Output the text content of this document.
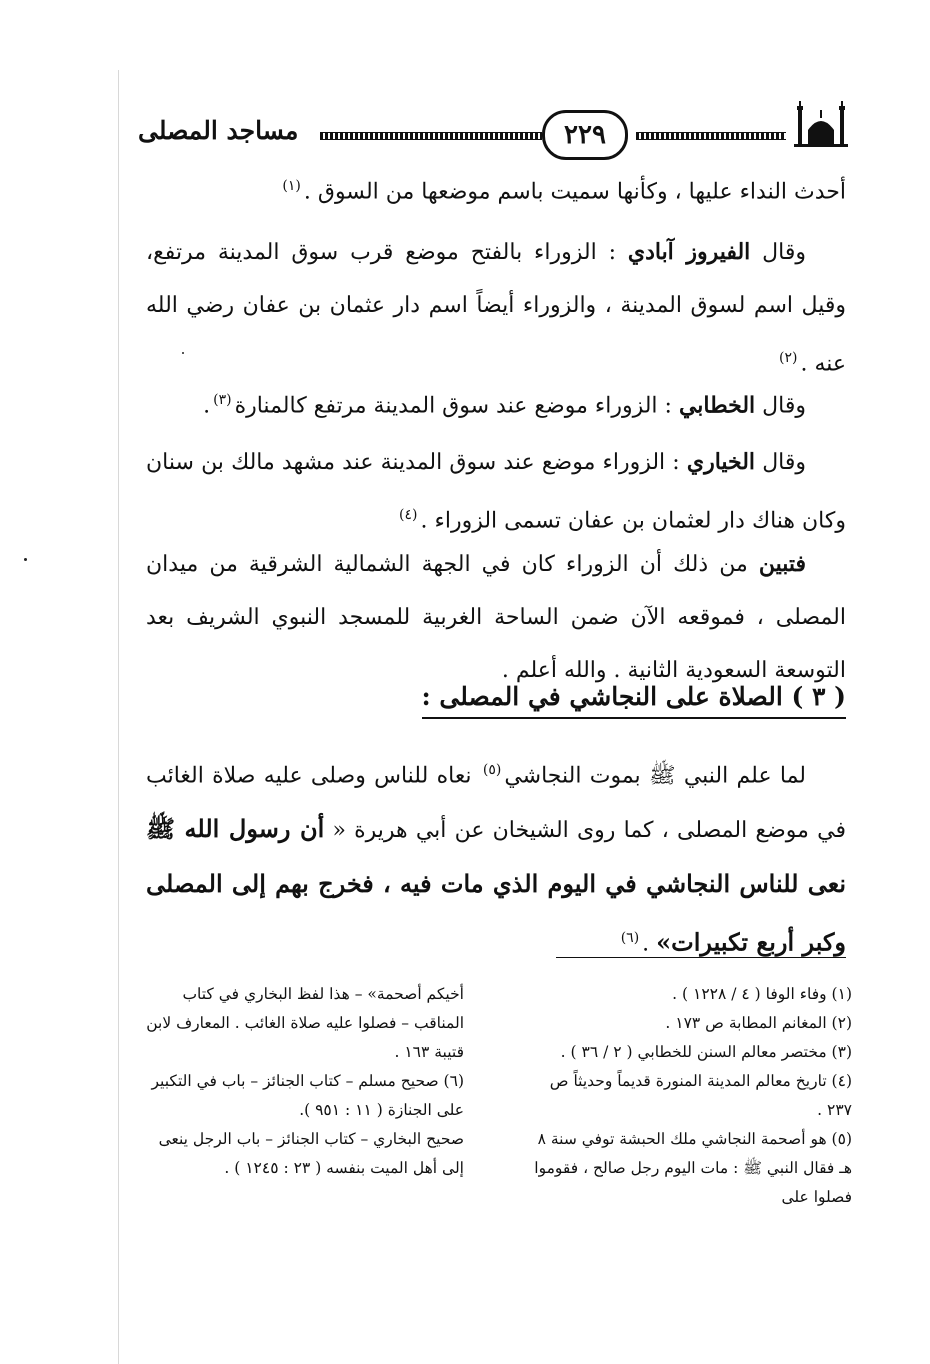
٢٢٩
مساجد المصلى

أحدث النداء عليها ، وكأنها سميت باسم موضعها من السوق .$^{(١)}$

وقال الفيروز آبادي : الزوراء بالفتح موضع قرب سوق المدينة مرتفع، وقيل اسم لسوق المدينة ، والزوراء أيضاً اسم دار عثمان بن عفان رضي الله عنه .$^{(٢)}$

وقال الخطابي : الزوراء موضع عند سوق المدينة مرتفع كالمنارة$^{(٣)}$.

وقال الخياري : الزوراء موضع عند سوق المدينة عند مشهد مالك بن سنان وكان هناك دار لعثمان بن عفان تسمى الزوراء .$^{(٤)}$

فتبين من ذلك أن الزوراء كان في الجهة الشمالية الشرقية من ميدان المصلى ، فموقعه الآن ضمن الساحة الغربية للمسجد النبوي الشريف بعد التوسعة السعودية الثانية . والله أعلم .

( ٣ ) الصلاة على النجاشي في المصلى :

لما علم النبي ﷺ بموت النجاشي$^{(٥)}$ نعاه للناس وصلى عليه صلاة الغائب في موضع المصلى ، كما روى الشيخان عن أبي هريرة « أن رسول الله ﷺ نعى للناس النجاشي في اليوم الذي مات فيه ، فخرج بهم إلى المصلى وكبر أربع تكبيرات» .$^{(٦)}$

(١) وفاء الوفا ( ٤ / ١٢٢٨ ) .

(٢) المغانم المطابة ص ١٧٣ .

(٣) مختصر معالم السنن للخطابي ( ٢ / ٣٦ ) .

(٤) تاريخ معالم المدينة المنورة قديماً وحديثاً ص ٢٣٧ .

(٥) هو أصحمة النجاشي ملك الحبشة توفي سنة ٨ هـ فقال النبي ﷺ : مات اليوم رجل صالح ، فقوموا فصلوا على

أخيكم أصحمة» – هذا لفظ البخاري في كتاب المناقب – فصلوا عليه صلاة الغائب . المعارف لابن قتيبة ١٦٣ .

(٦) صحيح مسلم – كتاب الجنائز – باب في التكبير على الجنازة ( ١١ : ٩٥١ ).

صحيح البخاري – كتاب الجنائز – باب الرجل ينعى إلى أهل الميت بنفسه ( ٢٣ : ١٢٤٥ ) .
